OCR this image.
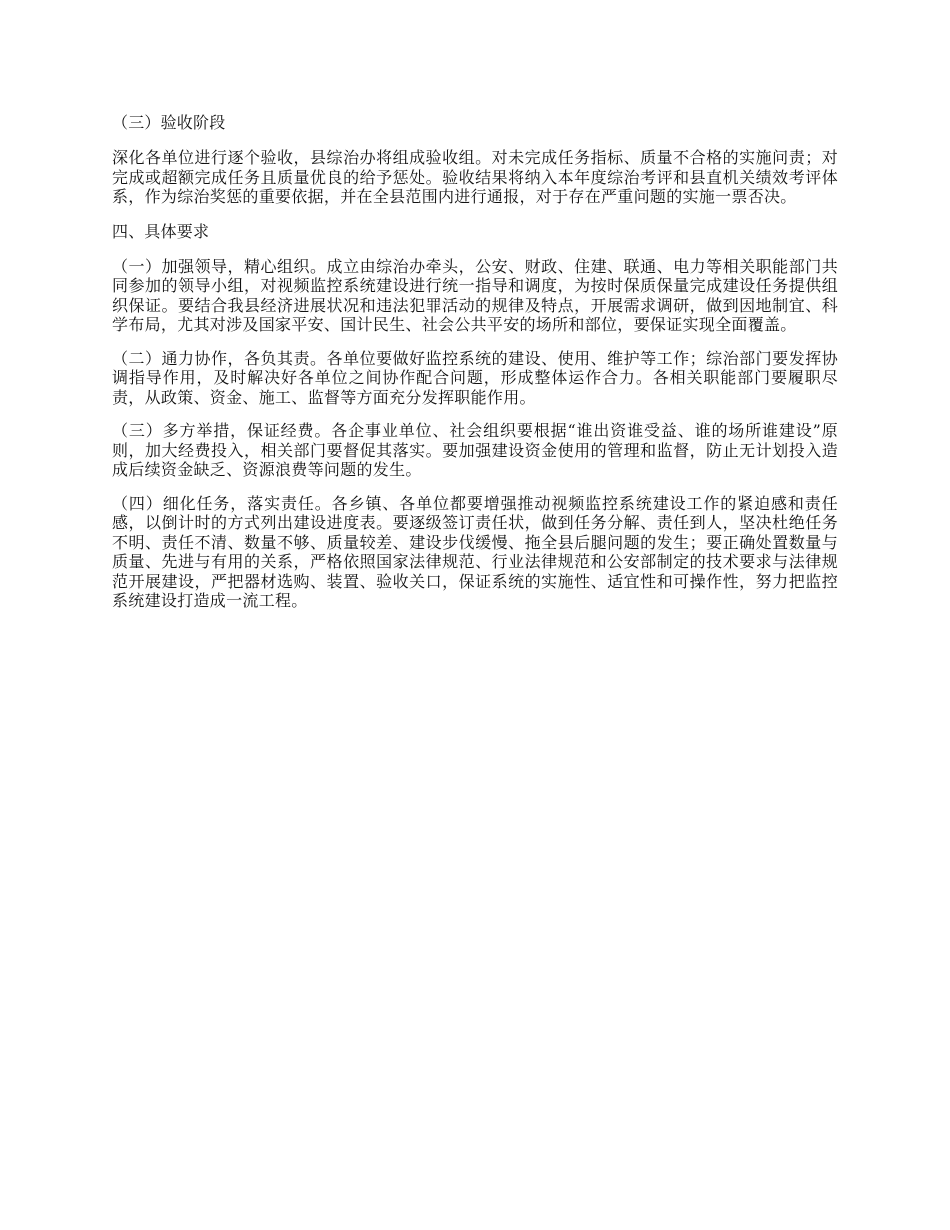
（三）验收阶段

深化各单位进行逐个验收，县综治办将组成验收组。对未完成任务指标、质量不合格的实施问责；对完成或超额完成任务且质量优良的给予惩处。验收结果将纳入本年度综治考评和县直机关绩效考评体系，作为综治奖惩的重要依据，并在全县范围内进行通报，对于存在严重问题的实施一票否决。

四、具体要求

（一）加强领导，精心组织。成立由综治办牵头，公安、财政、住建、联通、电力等相关职能部门共同参加的领导小组，对视频监控系统建设进行统一指导和调度，为按时保质保量完成建设任务提供组织保证。要结合我县经济进展状况和违法犯罪活动的规律及特点，开展需求调研，做到因地制宜、科学布局，尤其对涉及国家平安、国计民生、社会公共平安的场所和部位，要保证实现全面覆盖。

（二）通力协作，各负其责。各单位要做好监控系统的建设、使用、维护等工作；综治部门要发挥协调指导作用，及时解决好各单位之间协作配合问题，形成整体运作合力。各相关职能部门要履职尽责，从政策、资金、施工、监督等方面充分发挥职能作用。

（三）多方举措，保证经费。各企事业单位、社会组织要根据“谁出资谁受益、谁的场所谁建设”原则，加大经费投入，相关部门要督促其落实。要加强建设资金使用的管理和监督，防止无计划投入造成后续资金缺乏、资源浪费等问题的发生。

（四）细化任务，落实责任。各乡镇、各单位都要增强推动视频监控系统建设工作的紧迫感和责任感，以倒计时的方式列出建设进度表。要逐级签订责任状，做到任务分解、责任到人，坚决杜绝任务不明、责任不清、数量不够、质量较差、建设步伐缓慢、拖全县后腿问题的发生；要正确处置数量与质量、先进与有用的关系，严格依照国家法律规范、行业法律规范和公安部制定的技术要求与法律规范开展建设，严把器材选购、装置、验收关口，保证系统的实施性、适宜性和可操作性，努力把监控系统建设打造成一流工程。
